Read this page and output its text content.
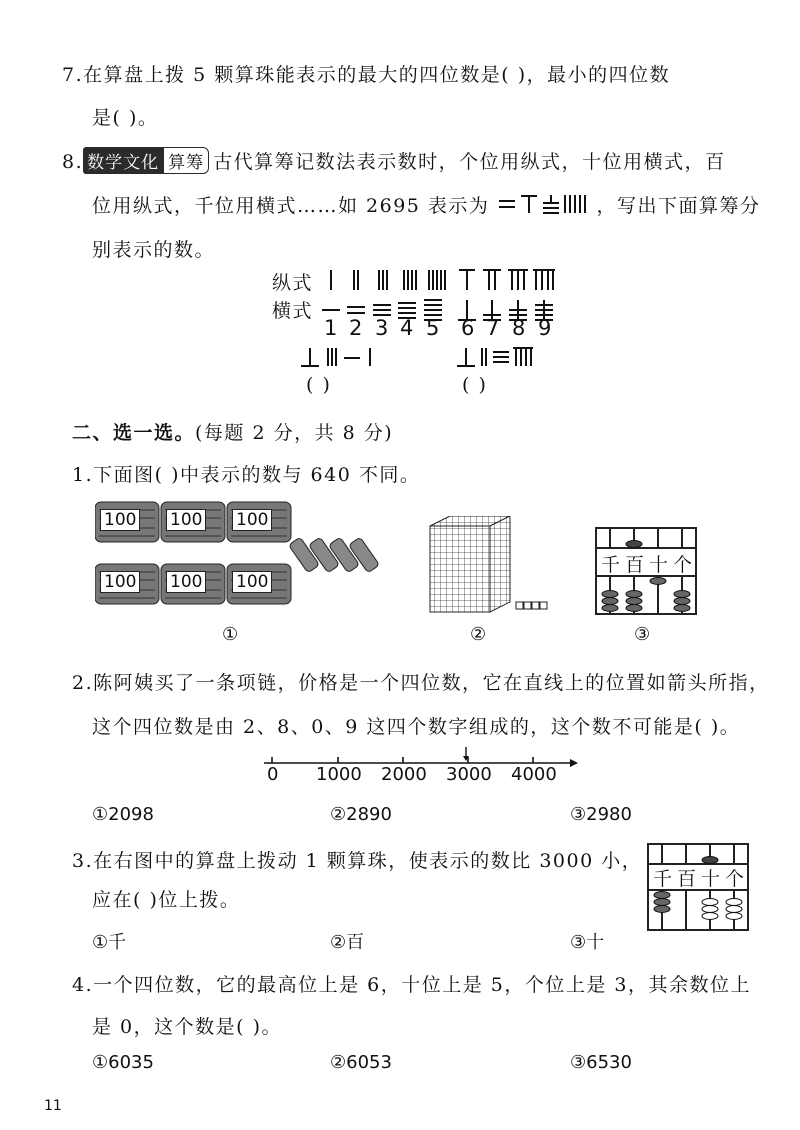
7.在算盘上拨 5 颗算珠能表示的最大的四位数是( )，最小的四位数
是( )。
8. 数学文化 算筹 古代算筹记数法表示数时，个位用纵式，十位用横式，百
位用纵式，千位用横式……如 2695 表示为	，写出下面算筹分
别表示的数。
纵式
横式
1 2 3 4 5 6 7 8 9
( )	( )
二、选一选。(每题 2 分，共 8 分)
1.下面图( )中表示的数与 640 不同。
100 100 100
100 100 100
千 百 十 个
①	②	③
2.陈阿姨买了一条项链，价格是一个四位数，它在直线上的位置如箭头所指，
这个四位数是由 2、8、0、9 这四个数字组成的，这个数不可能是( )。
0 1000 2000 3000 4000
①2098	②2890	③2980
3.在右图中的算盘上拨动 1 颗算珠，使表示的数比 3000 小，
应在( )位上拨。
千 百 十 个
①千	②百	③十
4.一个四位数，它的最高位上是 6，十位上是 5，个位上是 3，其余数位上
是 0，这个数是( )。
①6035	②6053	③6530
11
